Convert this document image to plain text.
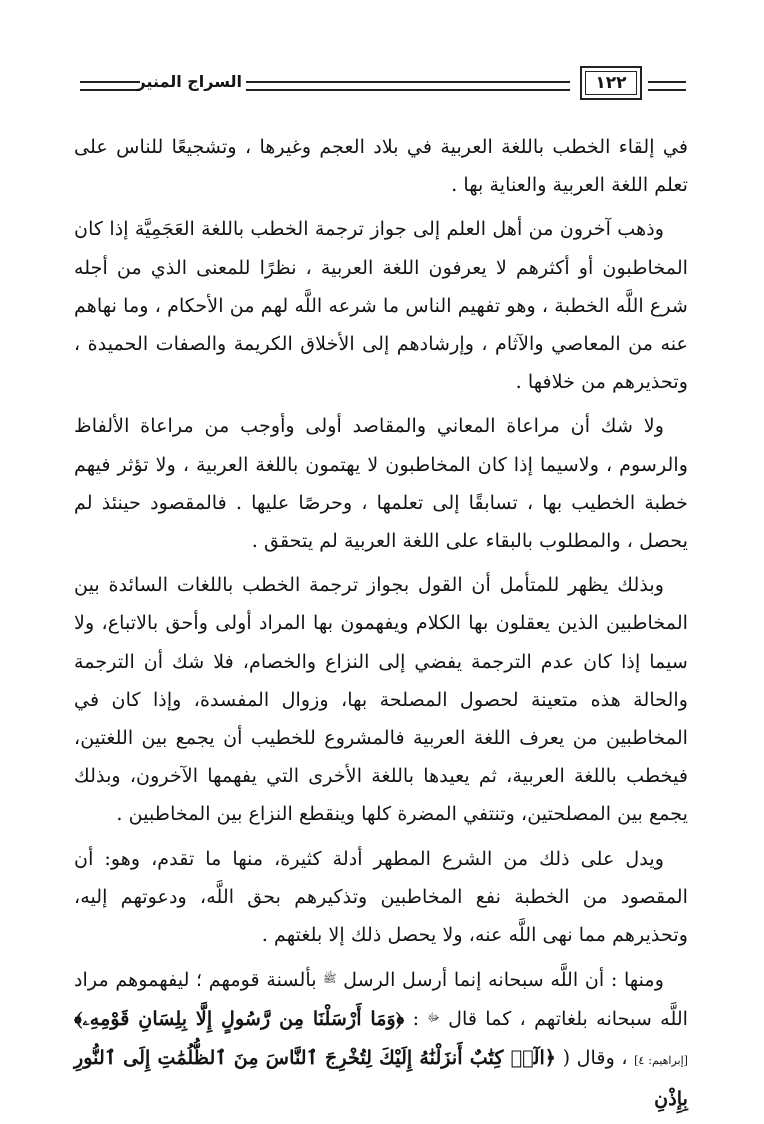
السراج المنير	١٢٢

في إلقاء الخطب باللغة العربية في بلاد العجم وغيرها ، وتشجيعًا للناس على تعلم اللغة العربية والعناية بها .

وذهب آخرون من أهل العلم إلى جواز ترجمة الخطب باللغة العَجَمِيَّة إذا كان المخاطبون أو أكثرهم لا يعرفون اللغة العربية ، نظرًا للمعنى الذي من أجله شرع اللَّه الخطبة ، وهو تفهيم الناس ما شرعه اللَّه لهم من الأحكام ، وما نهاهم عنه من المعاصي والآثام ، وإرشادهم إلى الأخلاق الكريمة والصفات الحميدة ، وتحذيرهم من خلافها .

ولا شك أن مراعاة المعاني والمقاصد أولى وأوجب من مراعاة الألفاظ والرسوم ، ولاسيما إذا كان المخاطبون لا يهتمون باللغة العربية ، ولا تؤثر فيهم خطبة الخطيب بها ، تسابقًا إلى تعلمها ، وحرصًا عليها . فالمقصود حينئذ لم يحصل ، والمطلوب بالبقاء على اللغة العربية لم يتحقق .

وبذلك يظهر للمتأمل أن القول بجواز ترجمة الخطب باللغات السائدة بين المخاطبين الذين يعقلون بها الكلام ويفهمون بها المراد أولى وأحق بالاتباع، ولا سيما إذا كان عدم الترجمة يفضي إلى النزاع والخصام، فلا شك أن الترجمة والحالة هذه متعينة لحصول المصلحة بها، وزوال المفسدة، وإذا كان في المخاطبين من يعرف اللغة العربية فالمشروع للخطيب أن يجمع بين اللغتين، فيخطب باللغة العربية، ثم يعيدها باللغة الأخرى التي يفهمها الآخرون، وبذلك يجمع بين المصلحتين، وتنتفي المضرة كلها وينقطع النزاع بين المخاطبين .

ويدل على ذلك من الشرع المطهر أدلة كثيرة، منها ما تقدم، وهو: أن المقصود من الخطبة نفع المخاطبين وتذكيرهم بحق اللَّه، ودعوتهم إليه، وتحذيرهم مما نهى اللَّه عنه، ولا يحصل ذلك إلا بلغتهم .

ومنها : أن اللَّه سبحانه إنما أرسل الرسل $^ﷺ$ بألسنة قومهم ؛ ليفهموهم مراد اللَّه سبحانه بلغاتهم ، كما قال $^ﷻ$ : ﴿وَمَا أَرْسَلْنَا مِن رَّسُولٍ إِلَّا بِلِسَانِ قَوْمِهِۦ﴾ [إبراهيم: ٤] ، وقال ( ﴿الٓرۚ كِتَٰبٌ أَنزَلْنَٰهُ إِلَيْكَ لِتُخْرِجَ ٱلنَّاسَ مِنَ ٱلظُّلُمَٰتِ إِلَى ٱلنُّورِ بِإِذْنِ
